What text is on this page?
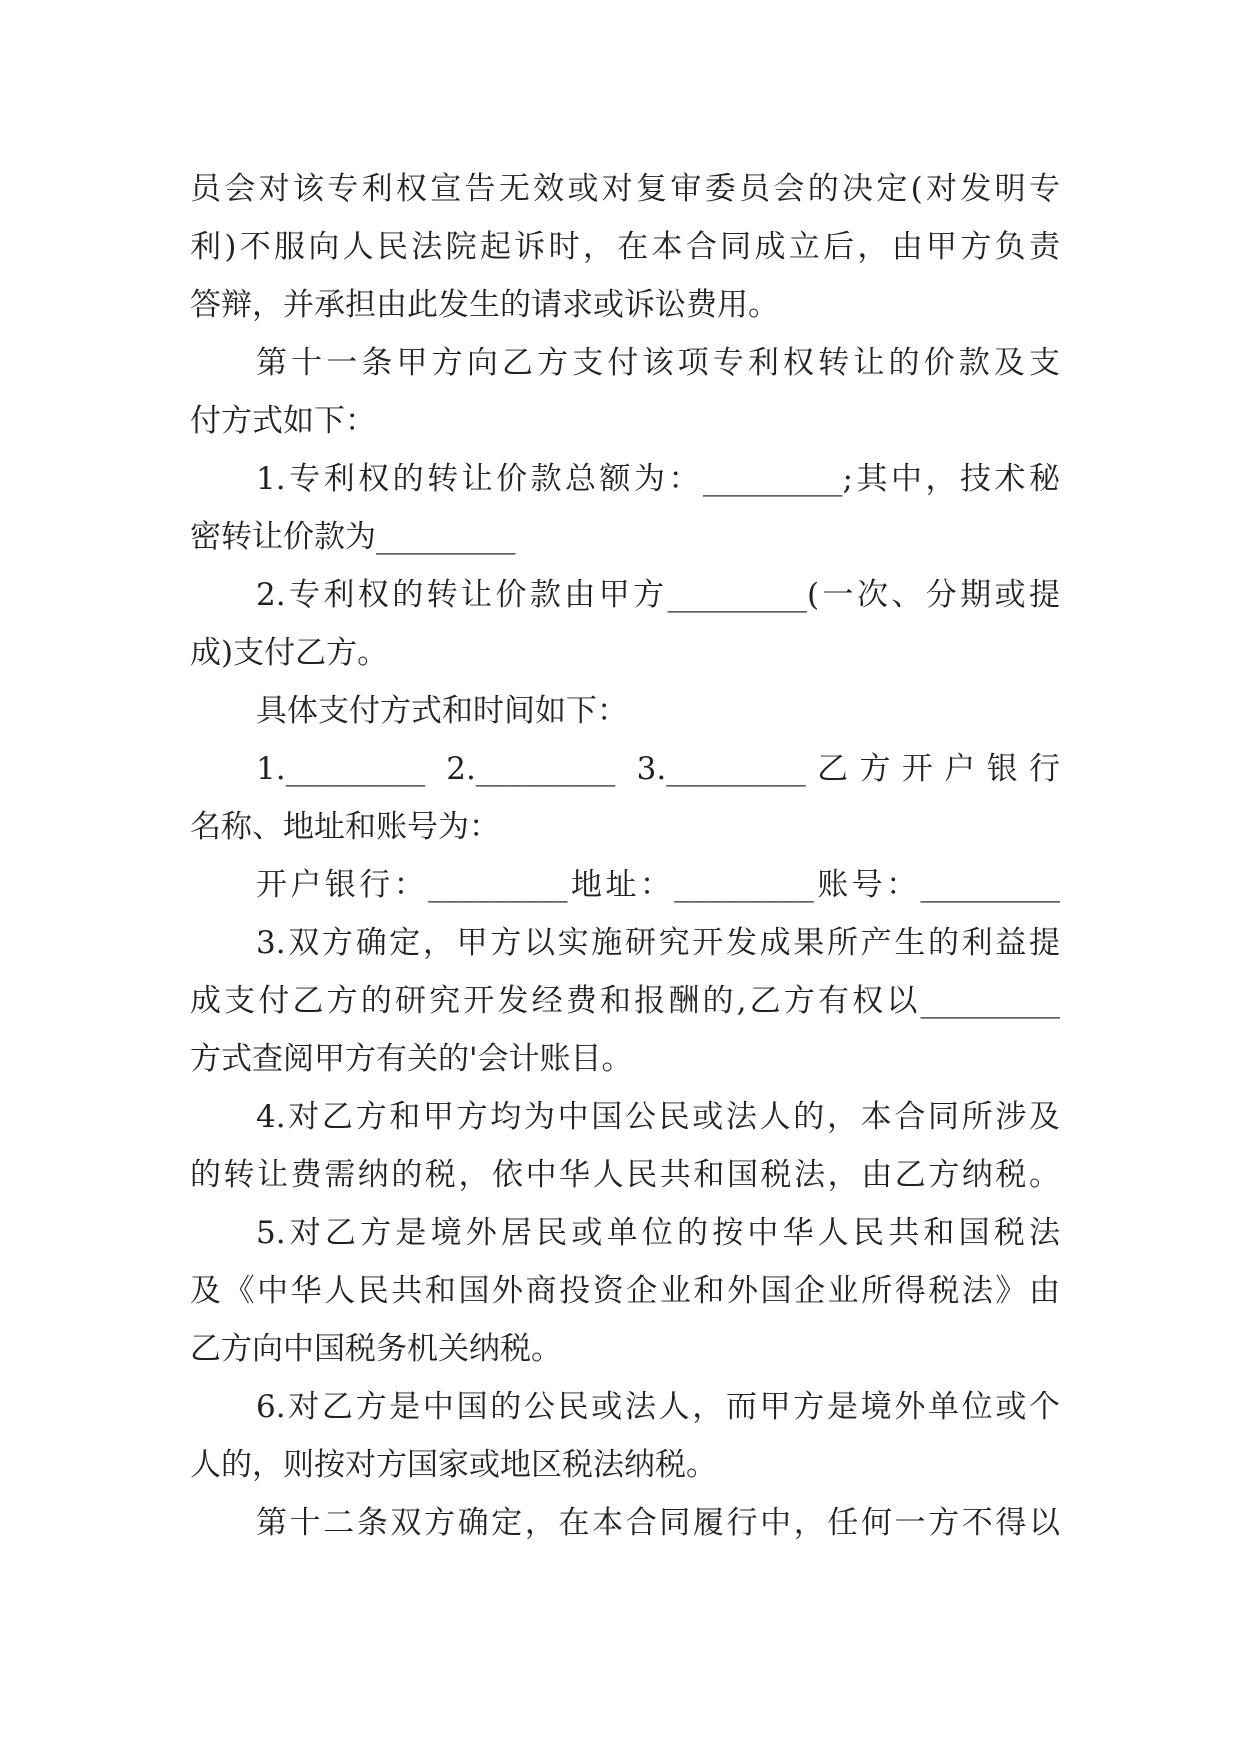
员会对该专利权宣告无效或对复审委员会的决定(对发明专
利)不服向人民法院起诉时，在本合同成立后，由甲方负责
答辩，并承担由此发生的请求或诉讼费用。
第十一条甲方向乙方支付该项专利权转让的价款及支
付方式如下：
1.专利权的转让价款总额为：_________;其中，技术秘
密转让价款为_________
2.专利权的转让价款由甲方_________(一次、分期或提
成)支付乙方。
具体支付方式和时间如下：
1._________ 2._________ 3._________乙方开户银行
名称、地址和账号为：
开户银行：_________地址：_________账号：_________
3.双方确定，甲方以实施研究开发成果所产生的利益提
成支付乙方的研究开发经费和报酬的,乙方有权以_________
方式查阅甲方有关的'会计账目。
4.对乙方和甲方均为中国公民或法人的，本合同所涉及
的转让费需纳的税，依中华人民共和国税法，由乙方纳税。
5.对乙方是境外居民或单位的按中华人民共和国税法
及《中华人民共和国外商投资企业和外国企业所得税法》由
乙方向中国税务机关纳税。
6.对乙方是中国的公民或法人，而甲方是境外单位或个
人的，则按对方国家或地区税法纳税。
第十二条双方确定，在本合同履行中，任何一方不得以
